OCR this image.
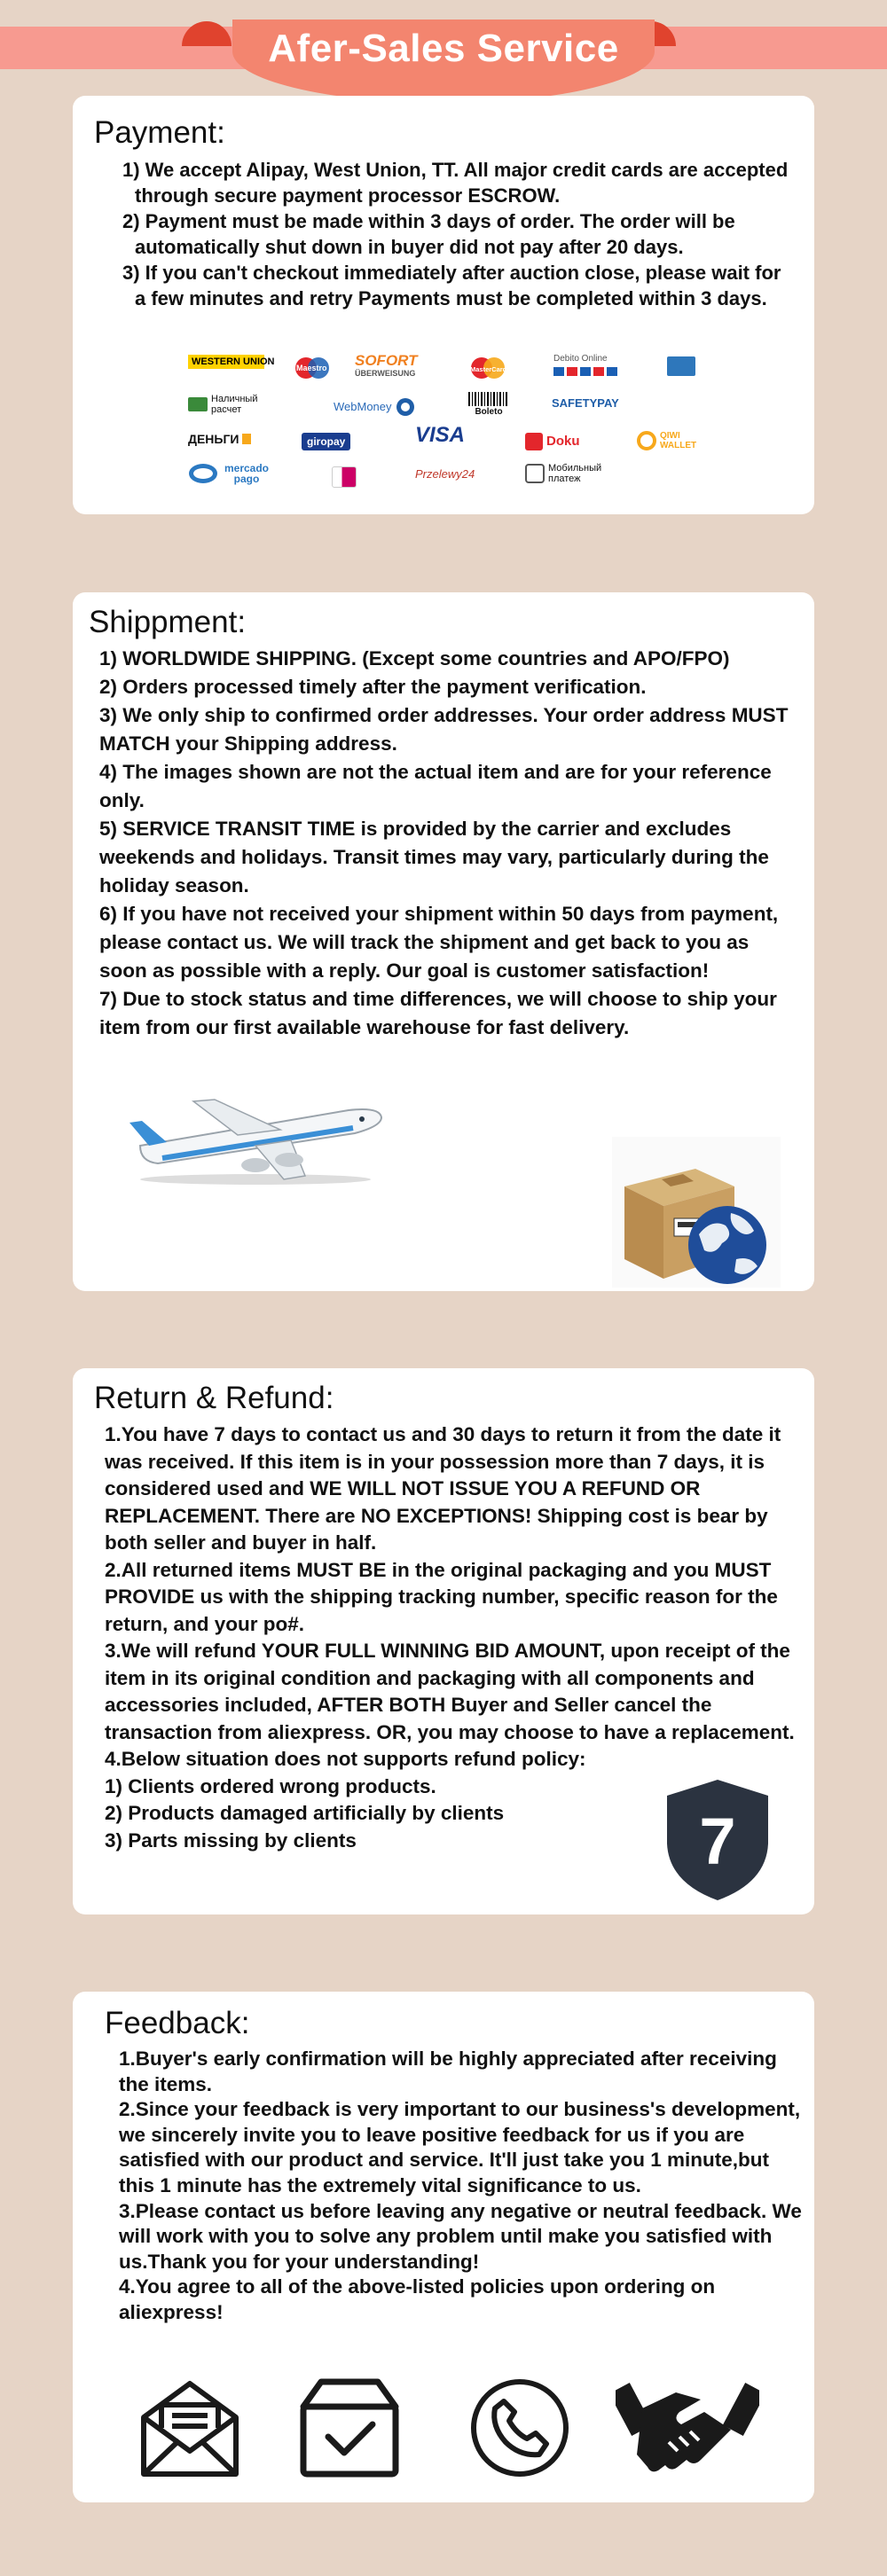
Afer-Sales Service
Payment:

1) We accept Alipay, West Union, TT. All major credit cards are accepted through secure payment processor ESCROW.

2) Payment must be made within 3 days of order. The order will be automatically shut down in buyer did not pay after 20 days.

3) If you can't checkout immediately after auction close, please wait for a few minutes and retry Payments must be completed within 3 days.

WESTERN UNION
Maestro SOFORT
ÜBERWEISUNG	MasterCard
Debito Online
Наличный расчет	WebMoney	Boleto
SAFETYPAY
ДЕНЬГИ	giropay	VISA	Doku	QIWI WALLET
mercado pago	Przelewy24	Мобильный платеж
Shippment:

1) WORLDWIDE SHIPPING. (Except some countries and APO/FPO)

2) Orders processed timely after the payment verification.

3) We only ship to confirmed order addresses. Your order address MUST MATCH your Shipping address.

4) The images shown are not the actual item and are for your reference only.

5) SERVICE TRANSIT TIME is provided by the carrier and excludes weekends and holidays. Transit times may vary, particularly during the holiday season.

6) If you have not received your shipment within 50 days from payment, please contact us. We will track the shipment and get back to you as soon as possible with a reply. Our goal is customer satisfaction!

7) Due to stock status and time differences, we will choose to ship your item from our first available warehouse for fast delivery.

Return & Refund:

1.You have 7 days to contact us and 30 days to return it from the date it was received. If this item is in your possession more than 7 days, it is considered used and WE WILL NOT ISSUE YOU A REFUND OR REPLACEMENT. There are NO EXCEPTIONS! Shipping cost is bear by both seller and buyer in half.

2.All returned items MUST BE in the original packaging and you MUST PROVIDE us with the shipping tracking number, specific reason for the return, and your po#.

3.We will refund YOUR FULL WINNING BID AMOUNT, upon receipt of the item in its original condition and packaging with all components and accessories included, AFTER BOTH Buyer and Seller cancel the transaction from aliexpress. OR, you may choose to have a replacement.

4.Below situation does not supports refund policy:

1) Clients ordered wrong products.

2) Products damaged artificially by clients

3) Parts missing by clients	7
Feedback:

1.Buyer's early confirmation will be highly appreciated after receiving the items.

2.Since your feedback is very important to our business's development, we sincerely invite you to leave positive feedback for us if you are satisfied with our product and service. It'll just take you 1 minute,but this 1 minute has the extremely vital significance to us.

3.Please contact us before leaving any negative or neutral feedback. We will work with you to solve any problem until make you satisfied with us.Thank you for your understanding!

4.You agree to all of the above-listed policies upon ordering on aliexpress!
